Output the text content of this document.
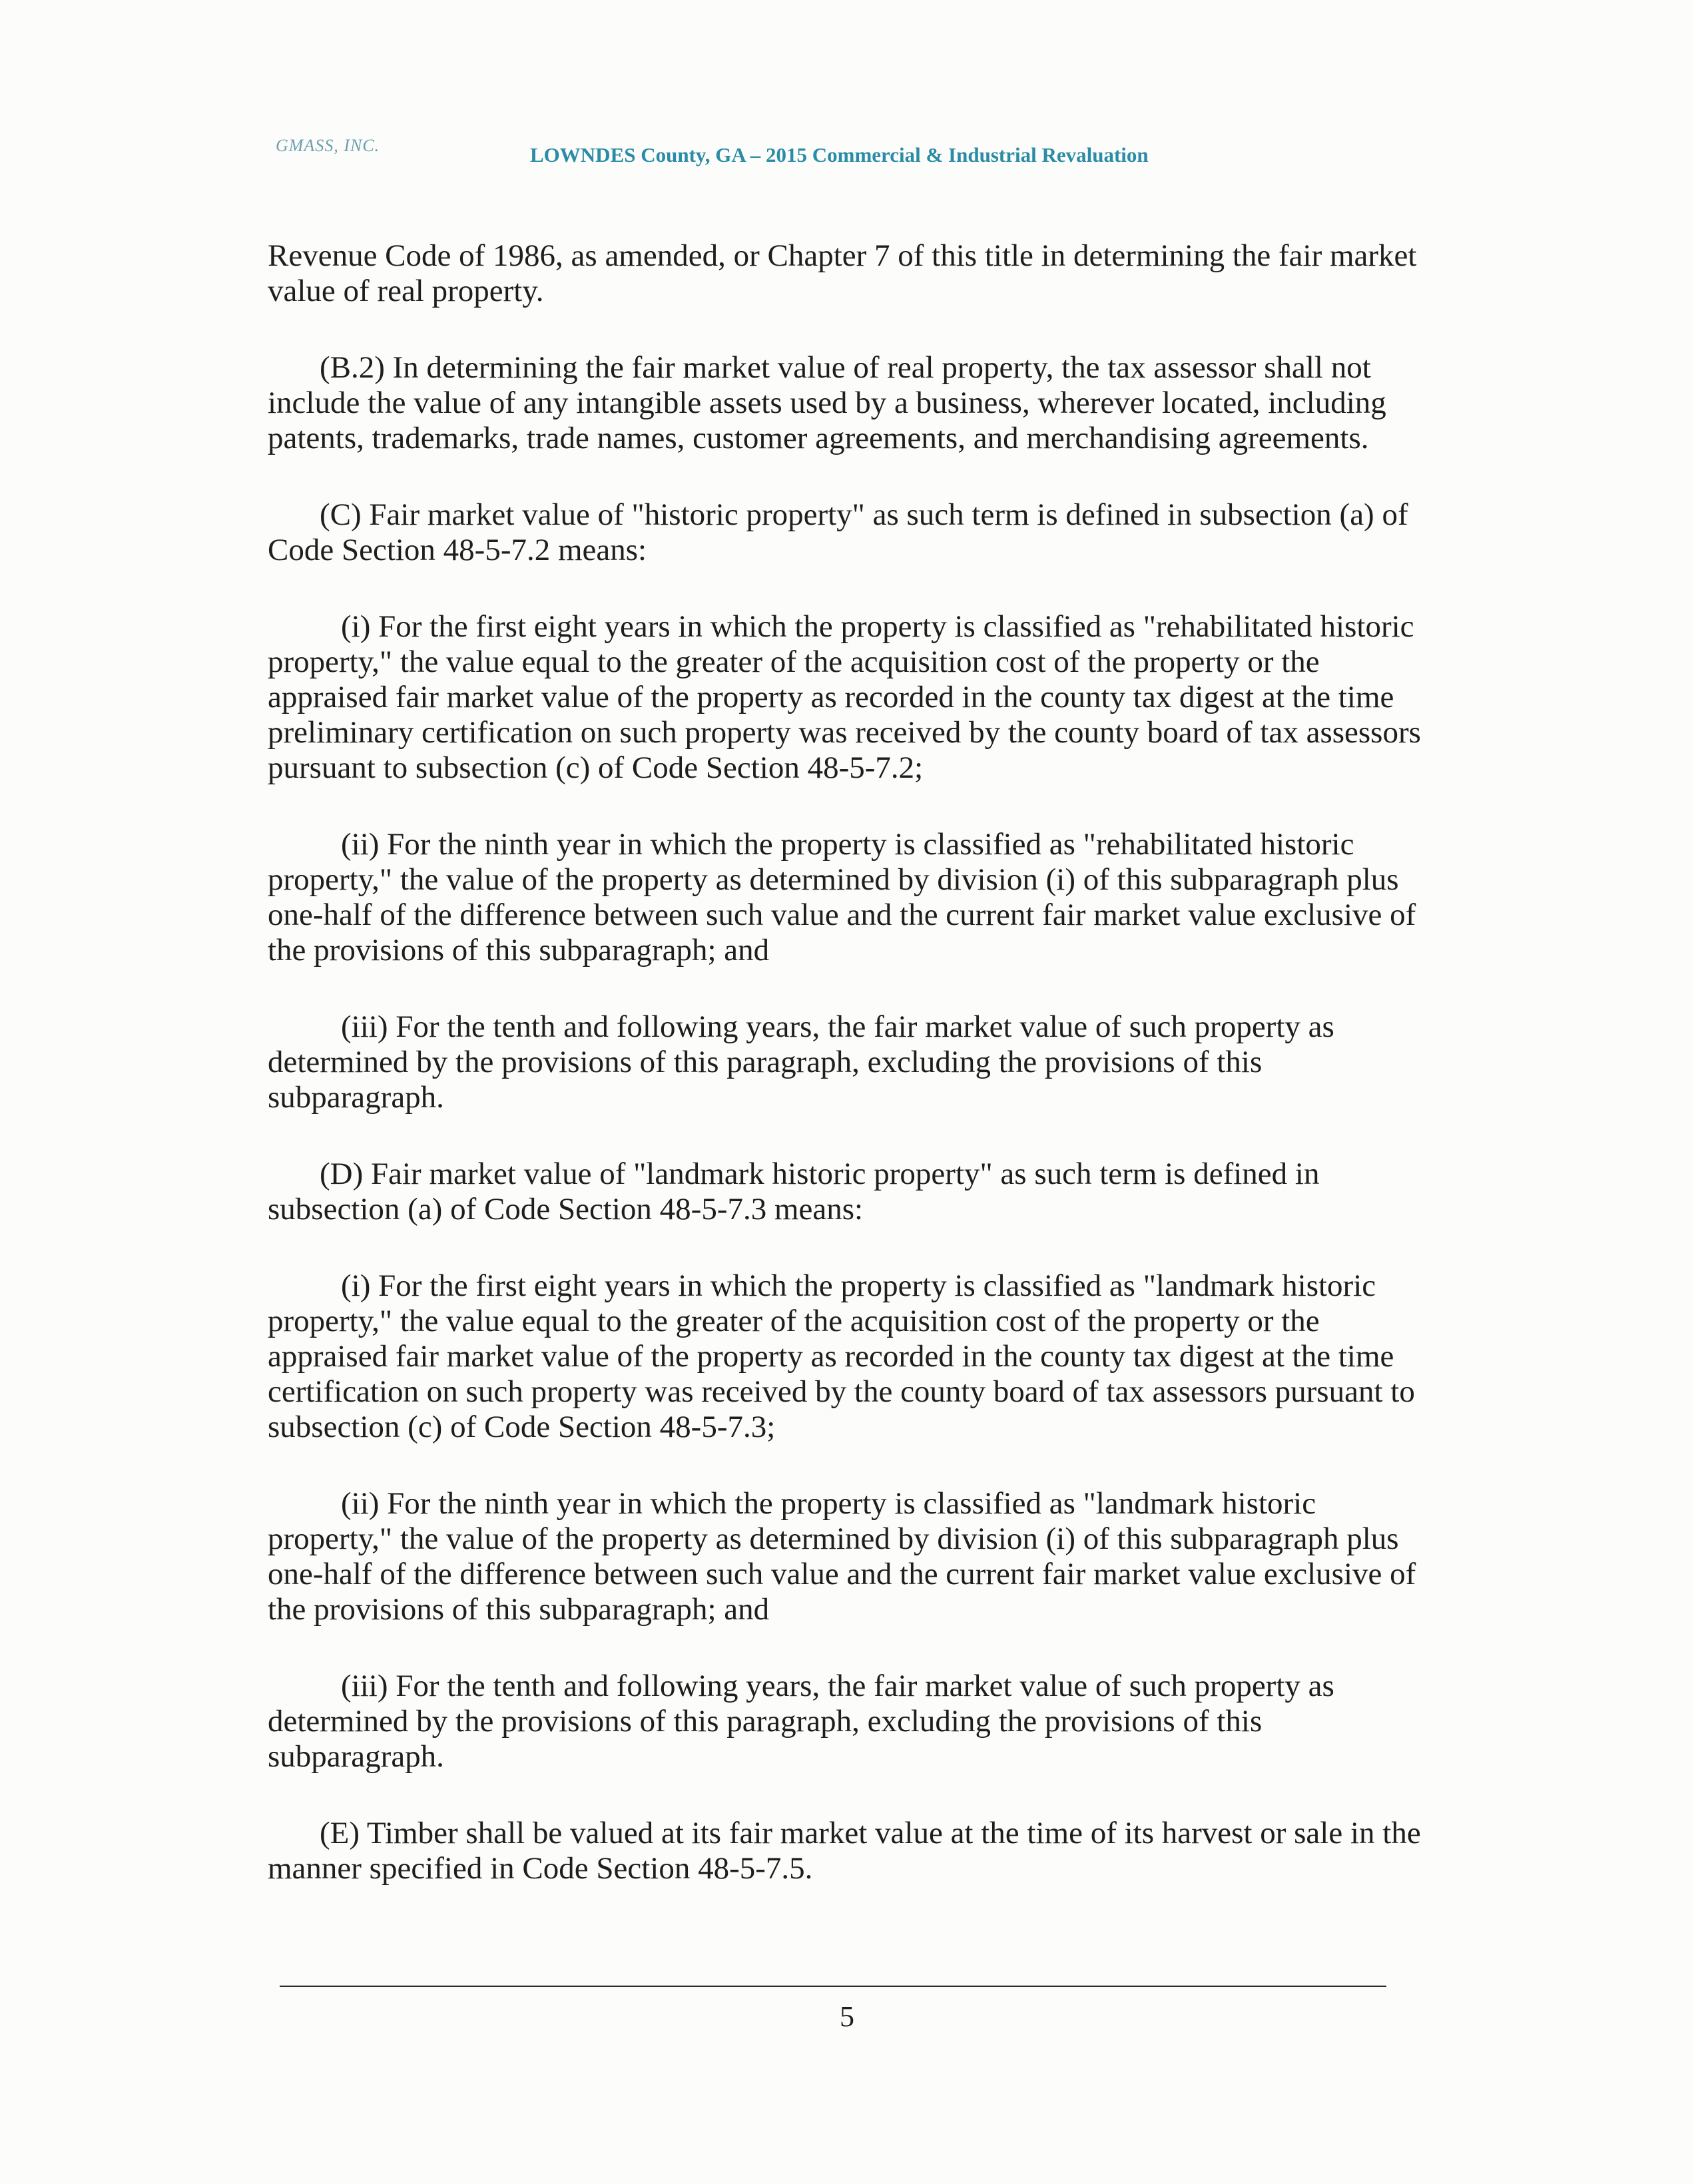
GMASS, INC.	LOWNDES County, GA – 2015 Commercial & Industrial Revaluation

Revenue Code of 1986, as amended, or Chapter 7 of this title in determining the fair market value of real property.

(B.2) In determining the fair market value of real property, the tax assessor shall not include the value of any intangible assets used by a business, wherever located, including patents, trademarks, trade names, customer agreements, and merchandising agreements.

(C) Fair market value of "historic property" as such term is defined in subsection (a) of Code Section 48-5-7.2 means:

(i) For the first eight years in which the property is classified as "rehabilitated historic property," the value equal to the greater of the acquisition cost of the property or the appraised fair market value of the property as recorded in the county tax digest at the time preliminary certification on such property was received by the county board of tax assessors pursuant to subsection (c) of Code Section 48-5-7.2;

(ii) For the ninth year in which the property is classified as "rehabilitated historic property," the value of the property as determined by division (i) of this subparagraph plus one-half of the difference between such value and the current fair market value exclusive of the provisions of this subparagraph; and

(iii) For the tenth and following years, the fair market value of such property as determined by the provisions of this paragraph, excluding the provisions of this subparagraph.

(D) Fair market value of "landmark historic property" as such term is defined in subsection (a) of Code Section 48-5-7.3 means:

(i) For the first eight years in which the property is classified as "landmark historic property," the value equal to the greater of the acquisition cost of the property or the appraised fair market value of the property as recorded in the county tax digest at the time certification on such property was received by the county board of tax assessors pursuant to subsection (c) of Code Section 48-5-7.3;

(ii) For the ninth year in which the property is classified as "landmark historic property," the value of the property as determined by division (i) of this subparagraph plus one-half of the difference between such value and the current fair market value exclusive of the provisions of this subparagraph; and

(iii) For the tenth and following years, the fair market value of such property as determined by the provisions of this paragraph, excluding the provisions of this subparagraph.

(E) Timber shall be valued at its fair market value at the time of its harvest or sale in the manner specified in Code Section 48-5-7.5.

5
